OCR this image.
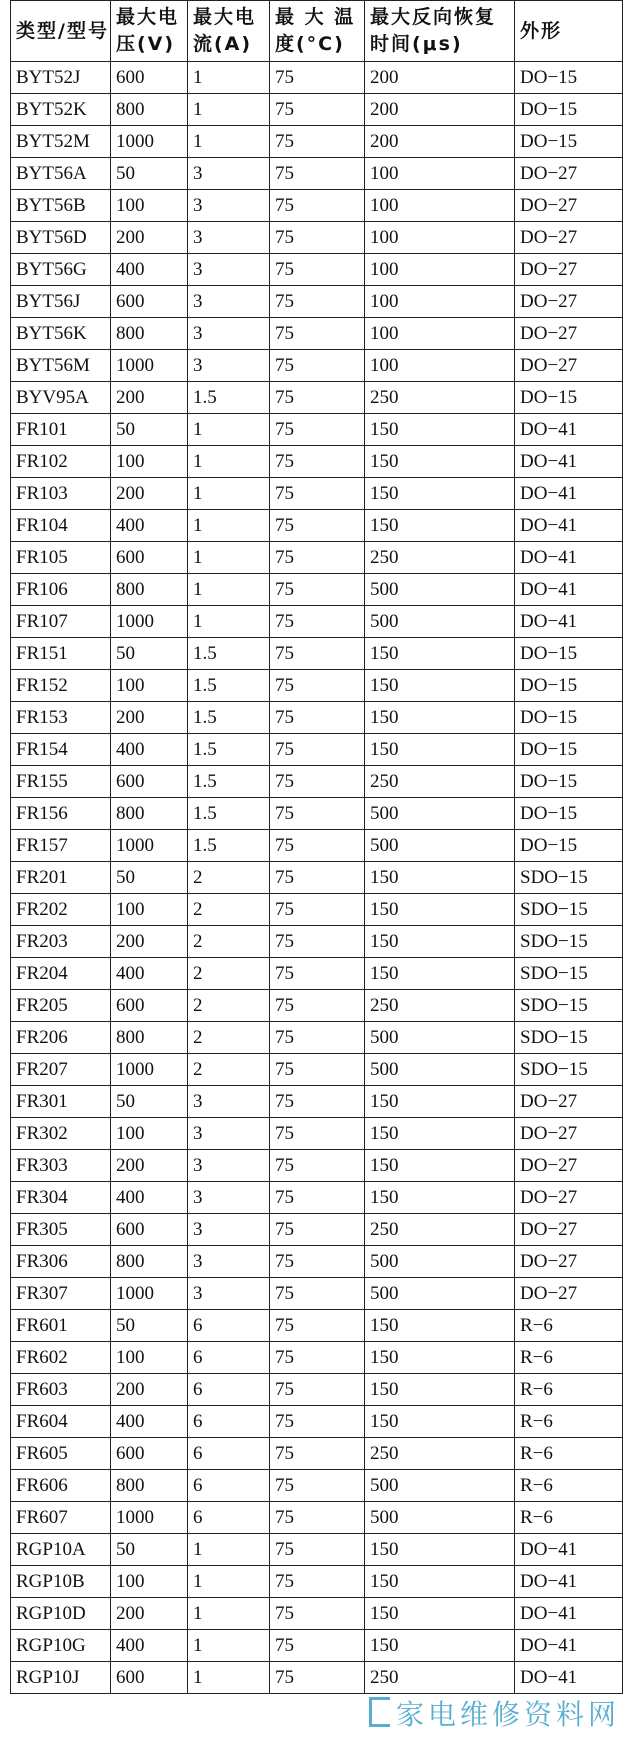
类型/型号	最大电压(V)	最大电流(A)	最 大 温度(°C)	最大反向恢复时间(μs)	外形
BYT52J	600	1	75	200	DO−15
BYT52K	800	1	75	200	DO−15
BYT52M	1000	1	75	200	DO−15
BYT56A	50	3	75	100	DO−27
BYT56B	100	3	75	100	DO−27
BYT56D	200	3	75	100	DO−27
BYT56G	400	3	75	100	DO−27
BYT56J	600	3	75	100	DO−27
BYT56K	800	3	75	100	DO−27
BYT56M	1000	3	75	100	DO−27
BYV95A	200	1.5	75	250	DO−15
FR101	50	1	75	150	DO−41
FR102	100	1	75	150	DO−41
FR103	200	1	75	150	DO−41
FR104	400	1	75	150	DO−41
FR105	600	1	75	250	DO−41
FR106	800	1	75	500	DO−41
FR107	1000	1	75	500	DO−41
FR151	50	1.5	75	150	DO−15
FR152	100	1.5	75	150	DO−15
FR153	200	1.5	75	150	DO−15
FR154	400	1.5	75	150	DO−15
FR155	600	1.5	75	250	DO−15
FR156	800	1.5	75	500	DO−15
FR157	1000	1.5	75	500	DO−15
FR201	50	2	75	150	SDO−15
FR202	100	2	75	150	SDO−15
FR203	200	2	75	150	SDO−15
FR204	400	2	75	150	SDO−15
FR205	600	2	75	250	SDO−15
FR206	800	2	75	500	SDO−15
FR207	1000	2	75	500	SDO−15
FR301	50	3	75	150	DO−27
FR302	100	3	75	150	DO−27
FR303	200	3	75	150	DO−27
FR304	400	3	75	150	DO−27
FR305	600	3	75	250	DO−27
FR306	800	3	75	500	DO−27
FR307	1000	3	75	500	DO−27
FR601	50	6	75	150	R−6
FR602	100	6	75	150	R−6
FR603	200	6	75	150	R−6
FR604	400	6	75	150	R−6
FR605	600	6	75	250	R−6
FR606	800	6	75	500	R−6
FR607	1000	6	75	500	R−6
RGP10A	50	1	75	150	DO−41
RGP10B	100	1	75	150	DO−41
RGP10D	200	1	75	150	DO−41
RGP10G	400	1	75	150	DO−41
RGP10J	600	1	75	250	DO−41
家电维修资料网
